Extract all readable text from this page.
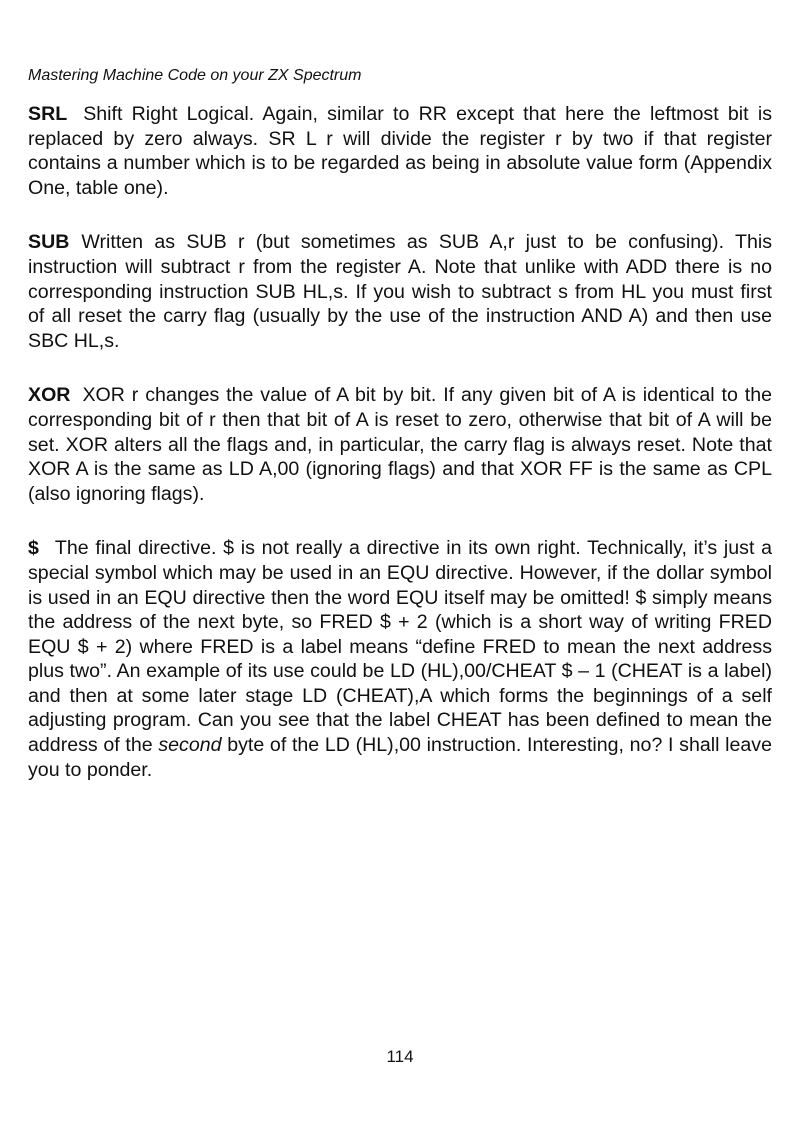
Mastering Machine Code on your ZX Spectrum

SRL Shift Right Logical. Again, similar to RR except that here the leftmost bit is replaced by zero always. SR L r will divide the register r by two if that register contains a number which is to be regarded as being in absolute value form (Appendix One, table one).

SUB Written as SUB r (but sometimes as SUB A,r just to be confusing). This instruction will subtract r from the register A. Note that unlike with ADD there is no corresponding instruction SUB HL,s. If you wish to subtract s from HL you must first of all reset the carry flag (usually by the use of the instruction AND A) and then use SBC HL,s.

XOR XOR r changes the value of A bit by bit. If any given bit of A is identical to the corresponding bit of r then that bit of A is reset to zero, otherwise that bit of A will be set. XOR alters all the flags and, in particular, the carry flag is always reset. Note that XOR A is the same as LD A,00 (ignoring flags) and that XOR FF is the same as CPL (also ignoring flags).

$ The final directive. $ is not really a directive in its own right. Technically, it’s just a special symbol which may be used in an EQU directive. However, if the dollar symbol is used in an EQU directive then the word EQU itself may be omitted! $ simply means the address of the next byte, so FRED $ + 2 (which is a short way of writing FRED EQU $ + 2) where FRED is a label means “define FRED to mean the next address plus two”. An example of its use could be LD (HL),00/CHEAT $ – 1 (CHEAT is a label) and then at some later stage LD (CHEAT),A which forms the beginnings of a self adjusting program. Can you see that the label CHEAT has been defined to mean the address of the second byte of the LD (HL),00 instruction. Interesting, no? I shall leave you to ponder.

114
